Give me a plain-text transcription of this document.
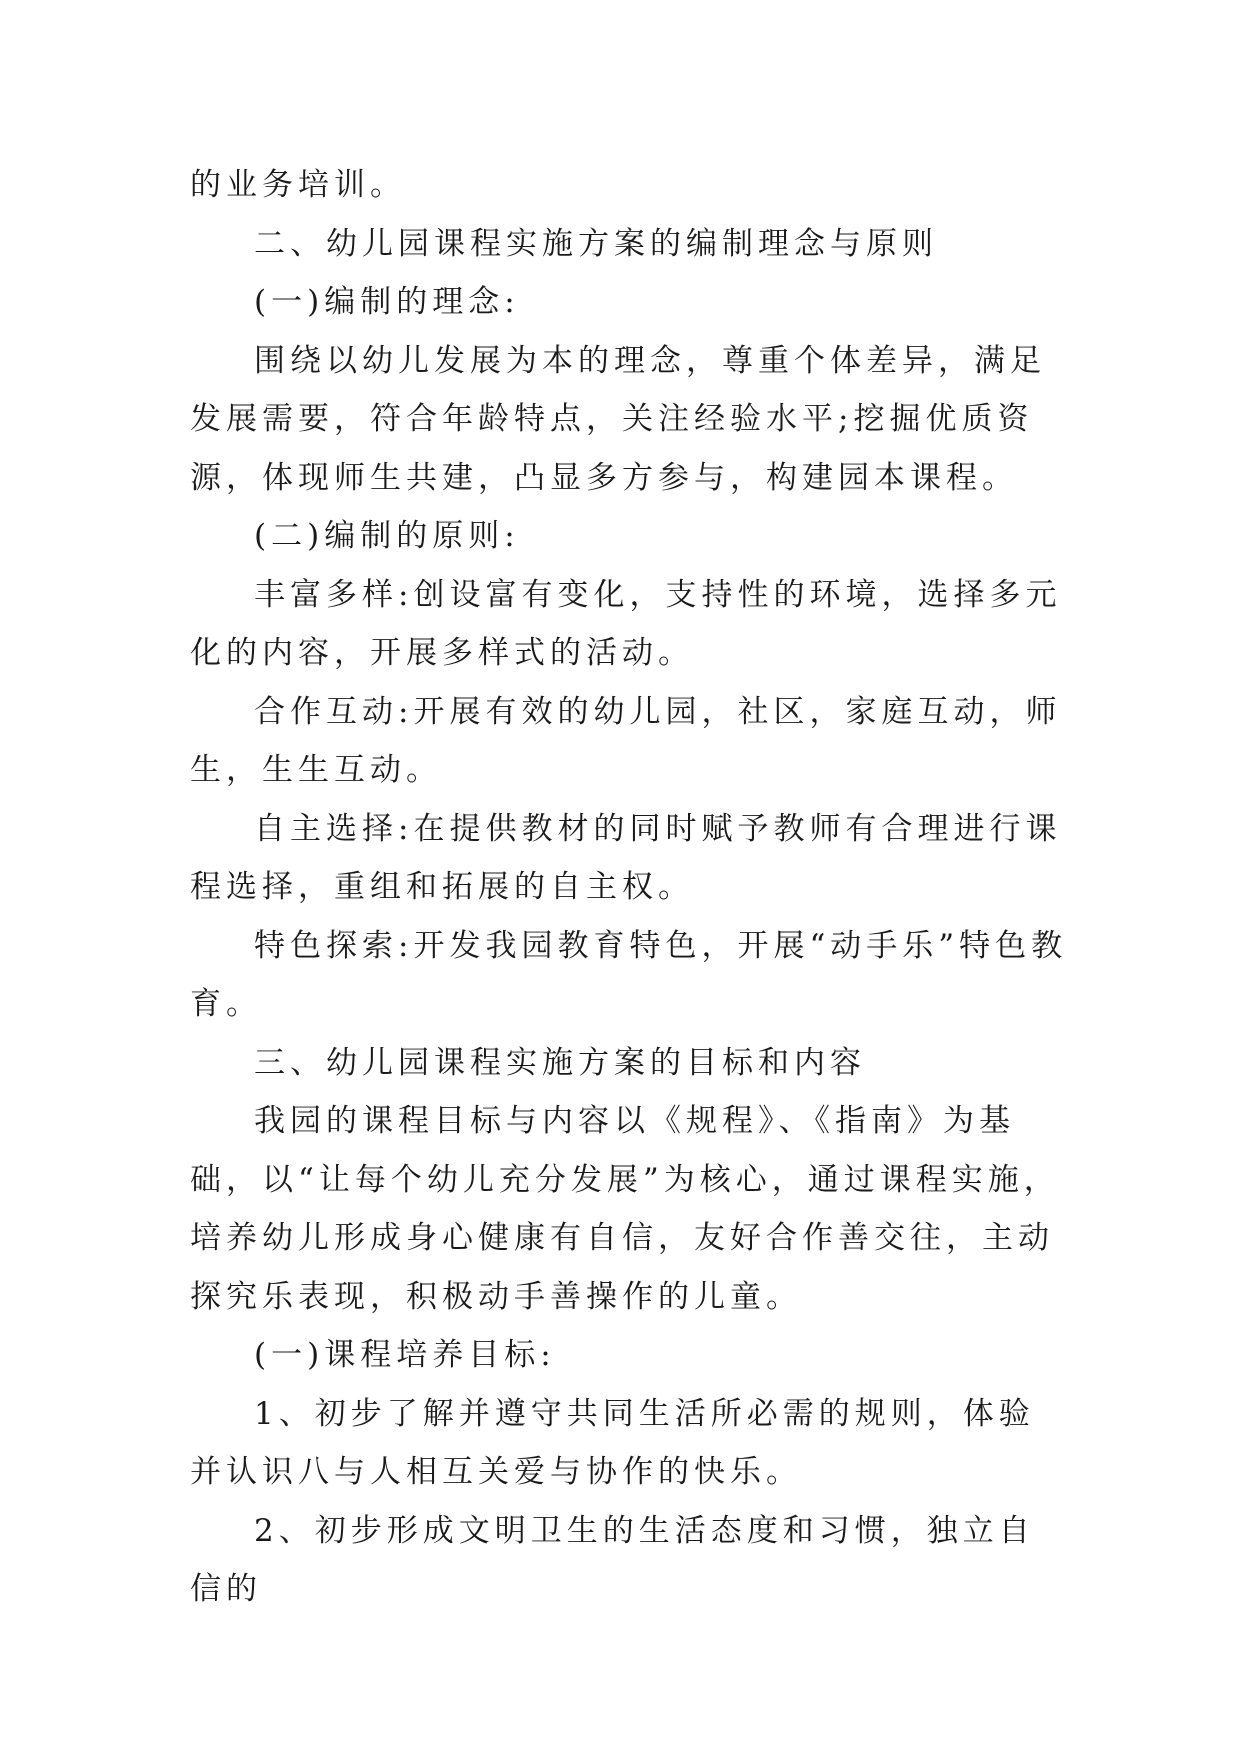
的业务培训。

二、幼儿园课程实施方案的编制理念与原则

(一)编制的理念:

围绕以幼儿发展为本的理念，尊重个体差异，满足发展需要，符合年龄特点，关注经验水平;挖掘优质资源，体现师生共建，凸显多方参与，构建园本课程。

(二)编制的原则:

丰富多样:创设富有变化，支持性的环境，选择多元化的内容，开展多样式的活动。

合作互动:开展有效的幼儿园，社区，家庭互动，师生，生生互动。

自主选择:在提供教材的同时赋予教师有合理进行课程选择，重组和拓展的自主权。

特色探索:开发我园教育特色，开展“动手乐”特色教育。

三、幼儿园课程实施方案的目标和内容

我园的课程目标与内容以《规程》、《指南》为基础，以“让每个幼儿充分发展”为核心，通过课程实施，培养幼儿形成身心健康有自信，友好合作善交往，主动探究乐表现，积极动手善操作的儿童。

(一)课程培养目标:

1、初步了解并遵守共同生活所必需的规则，体验并认识八与人相互关爱与协作的快乐。

2、初步形成文明卫生的生活态度和习惯，独立自信的
